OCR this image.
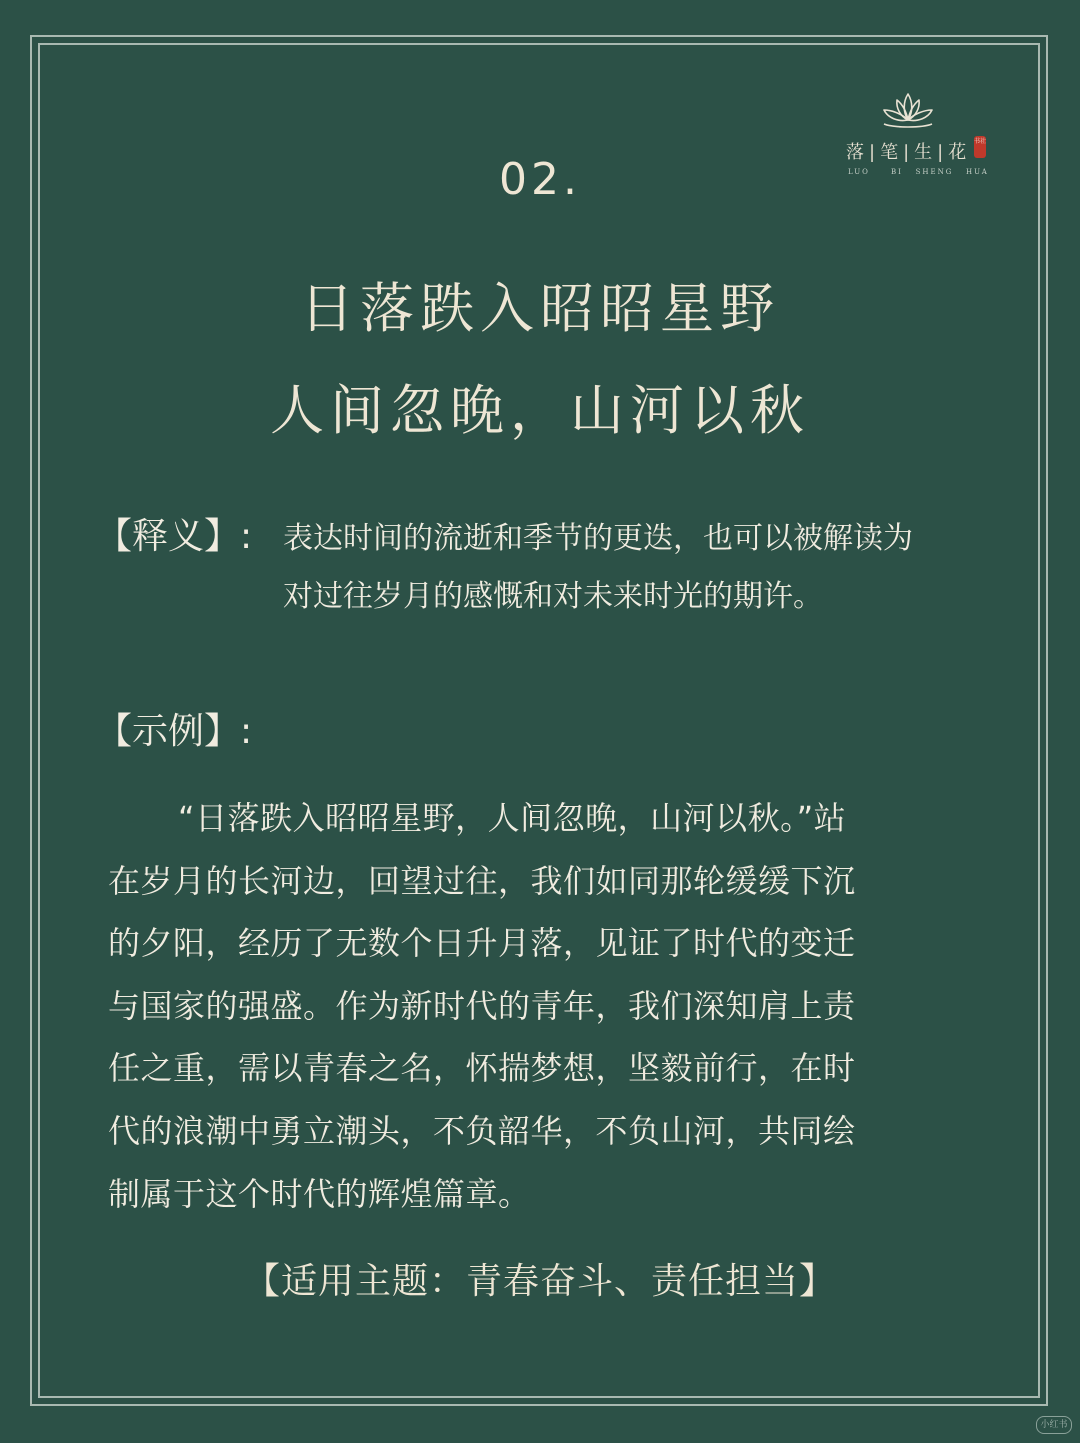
落|笔|生|花
书社
LUO     BI   SHENG   HUA
02.
日落跌入昭昭星野
人间忽晚，山河以秋
【释义】: 表达时间的流逝和季节的更迭，也可以被解读为
对过往岁月的感慨和对未来时光的期许。
【示例】:
“日落跌入昭昭星野，人间忽晚，山河以秋。”站
在岁月的长河边，回望过往，我们如同那轮缓缓下沉
的夕阳，经历了无数个日升月落，见证了时代的变迁
与国家的强盛。作为新时代的青年，我们深知肩上责
任之重，需以青春之名，怀揣梦想，坚毅前行，在时
代的浪潮中勇立潮头，不负韶华，不负山河，共同绘
制属于这个时代的辉煌篇章。
【适用主题：青春奋斗、责任担当】
小红书
